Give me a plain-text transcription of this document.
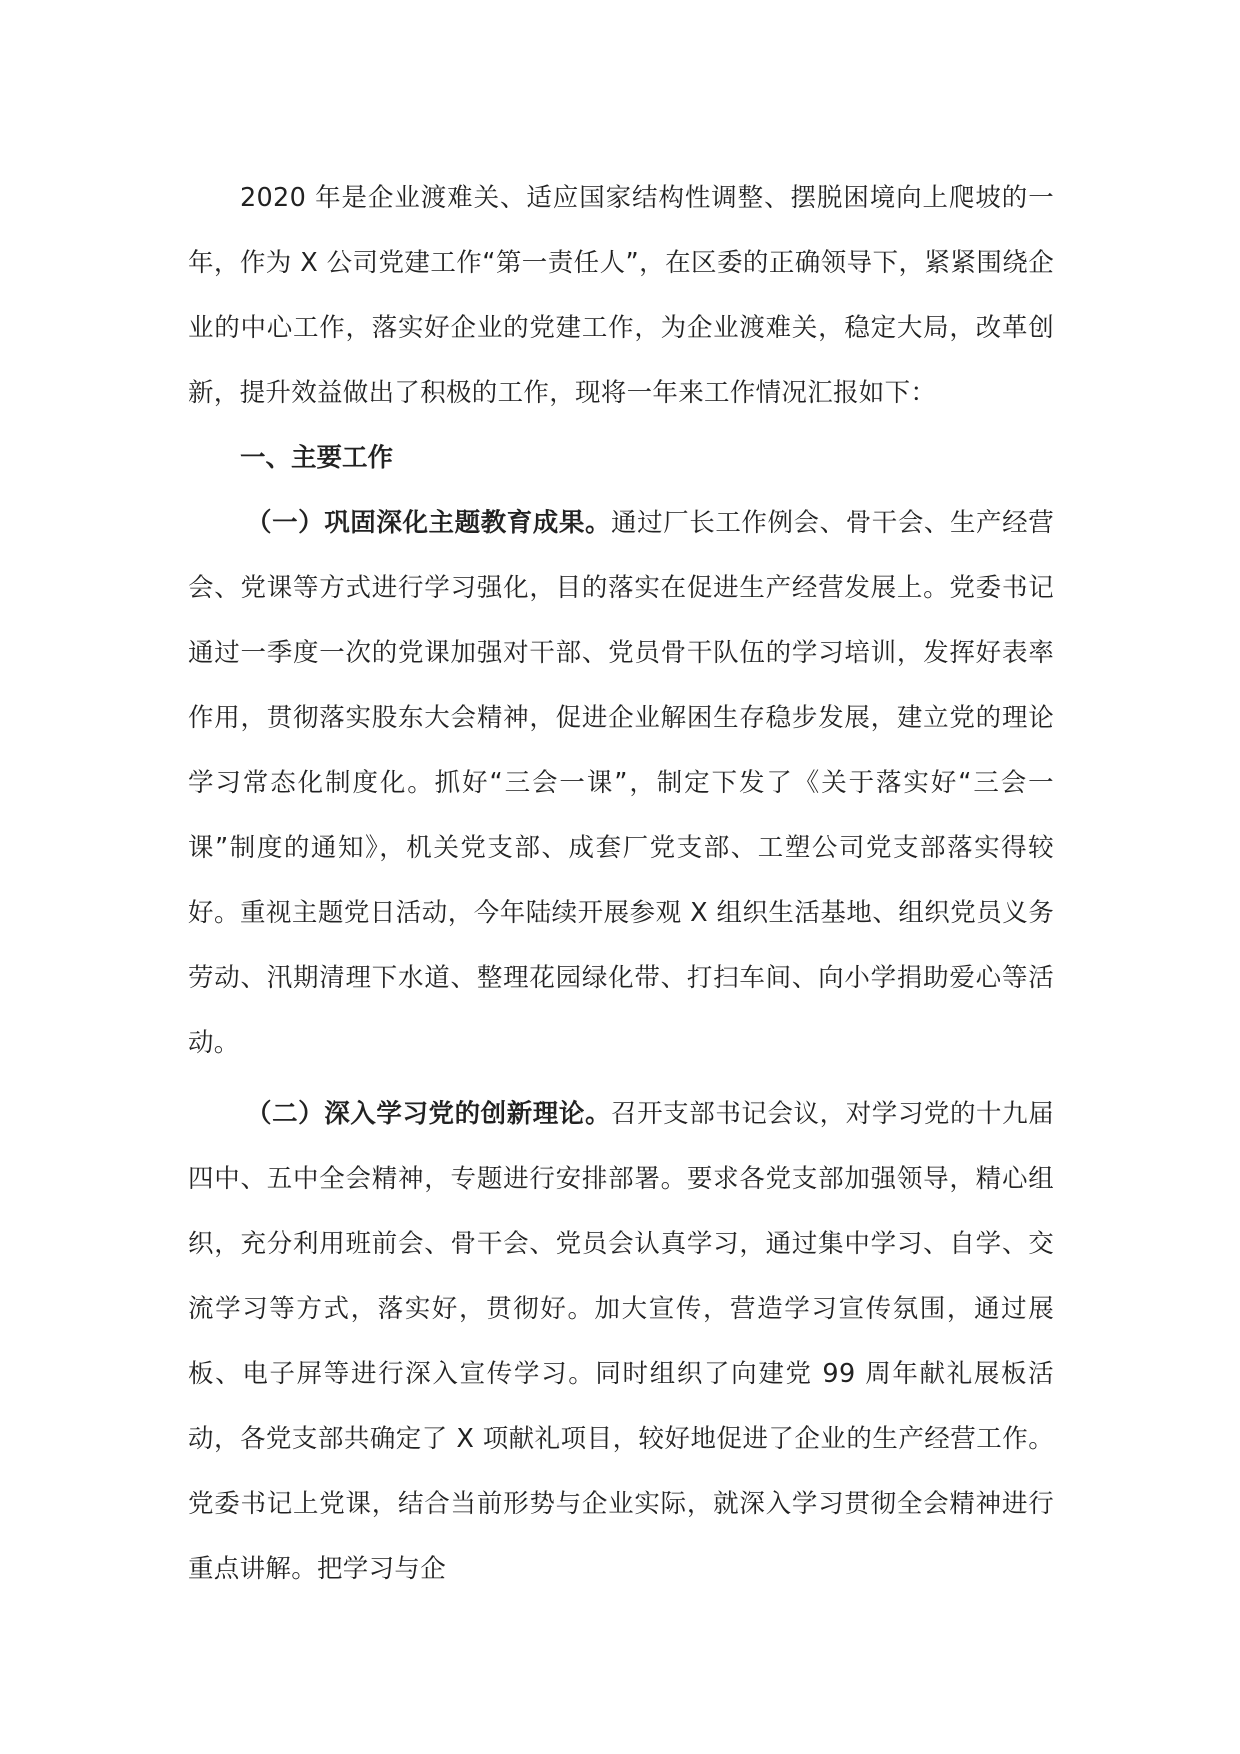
2020 年是企业渡难关、适应国家结构性调整、摆脱困境向上爬坡的一年，作为 X 公司党建工作“第一责任人”，在区委的正确领导下，紧紧围绕企业的中心工作，落实好企业的党建工作，为企业渡难关，稳定大局，改革创新，提升效益做出了积极的工作，现将一年来工作情况汇报如下：

一、主要工作

（一）巩固深化主题教育成果。通过厂长工作例会、骨干会、生产经营会、党课等方式进行学习强化，目的落实在促进生产经营发展上。党委书记通过一季度一次的党课加强对干部、党员骨干队伍的学习培训，发挥好表率作用，贯彻落实股东大会精神，促进企业解困生存稳步发展，建立党的理论学习常态化制度化。抓好“三会一课”，制定下发了《关于落实好“三会一课”制度的通知》，机关党支部、成套厂党支部、工塑公司党支部落实得较好。重视主题党日活动，今年陆续开展参观 X 组织生活基地、组织党员义务劳动、汛期清理下水道、整理花园绿化带、打扫车间、向小学捐助爱心等活动。

（二）深入学习党的创新理论。召开支部书记会议，对学习党的十九届四中、五中全会精神，专题进行安排部署。要求各党支部加强领导，精心组织，充分利用班前会、骨干会、党员会认真学习，通过集中学习、自学、交流学习等方式，落实好，贯彻好。加大宣传，营造学习宣传氛围，通过展板、电子屏等进行深入宣传学习。同时组织了向建党 99 周年献礼展板活动，各党支部共确定了 X 项献礼项目，较好地促进了企业的生产经营工作。党委书记上党课，结合当前形势与企业实际，就深入学习贯彻全会精神进行重点讲解。把学习与企
